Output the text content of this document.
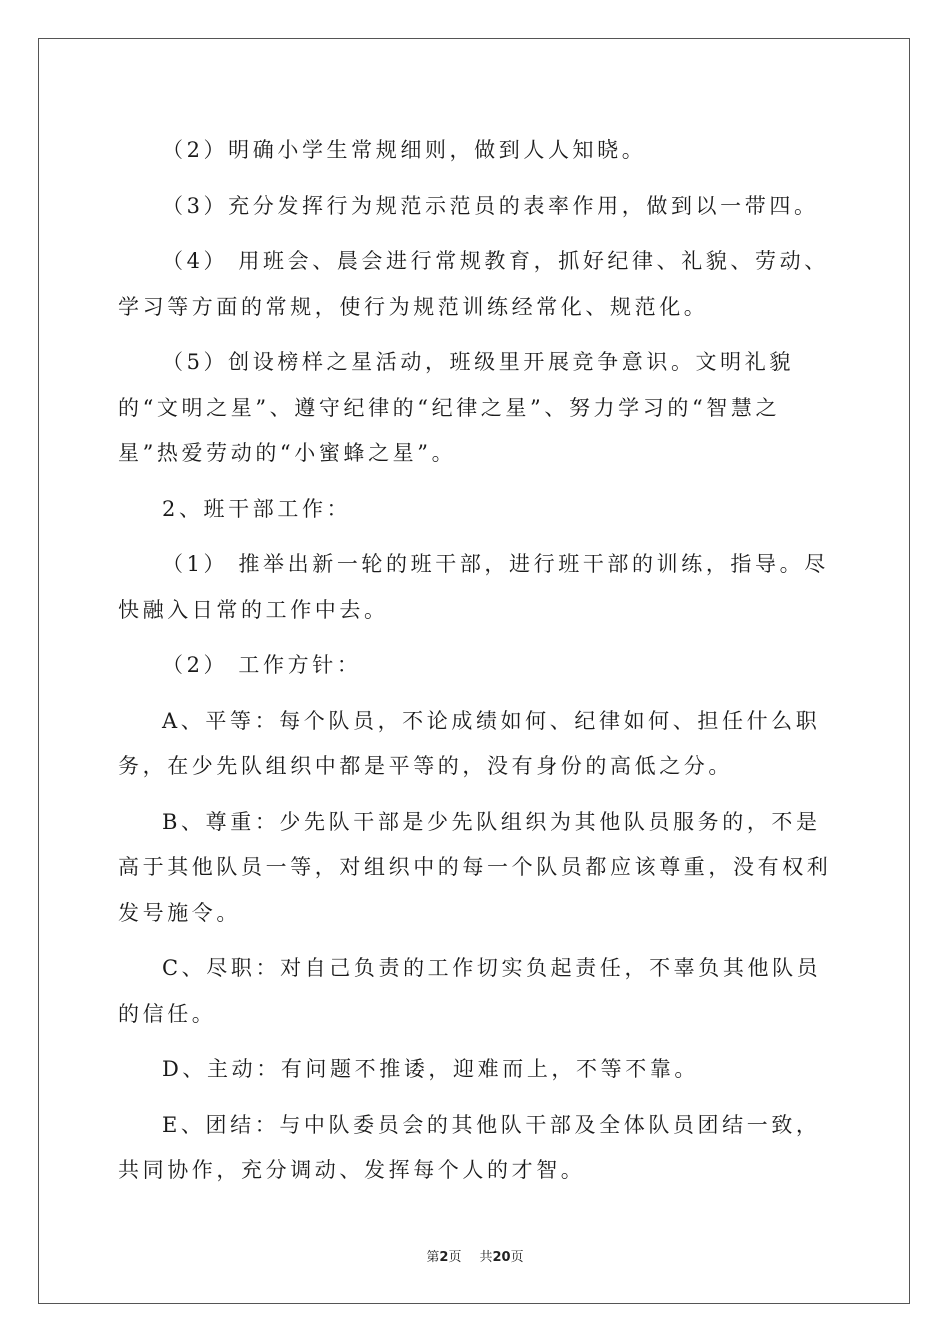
（2）明确小学生常规细则，做到人人知晓。

（3）充分发挥行为规范示范员的表率作用，做到以一带四。

（4） 用班会、晨会进行常规教育，抓好纪律、礼貌、劳动、学习等方面的常规，使行为规范训练经常化、规范化。

（5）创设榜样之星活动，班级里开展竞争意识。文明礼貌的“文明之星”、遵守纪律的“纪律之星”、努力学习的“智慧之星”热爱劳动的“小蜜蜂之星”。

2、班干部工作：

（1） 推举出新一轮的班干部，进行班干部的训练，指导。尽快融入日常的工作中去。

（2） 工作方针：

A、平等：每个队员，不论成绩如何、纪律如何、担任什么职务，在少先队组织中都是平等的，没有身份的高低之分。

B、尊重：少先队干部是少先队组织为其他队员服务的，不是高于其他队员一等，对组织中的每一个队员都应该尊重，没有权利发号施令。

C、尽职：对自己负责的工作切实负起责任，不辜负其他队员的信任。

D、主动：有问题不推诿，迎难而上，不等不靠。

E、团结：与中队委员会的其他队干部及全体队员团结一致，共同协作，充分调动、发挥每个人的才智。

第2页 共20页
